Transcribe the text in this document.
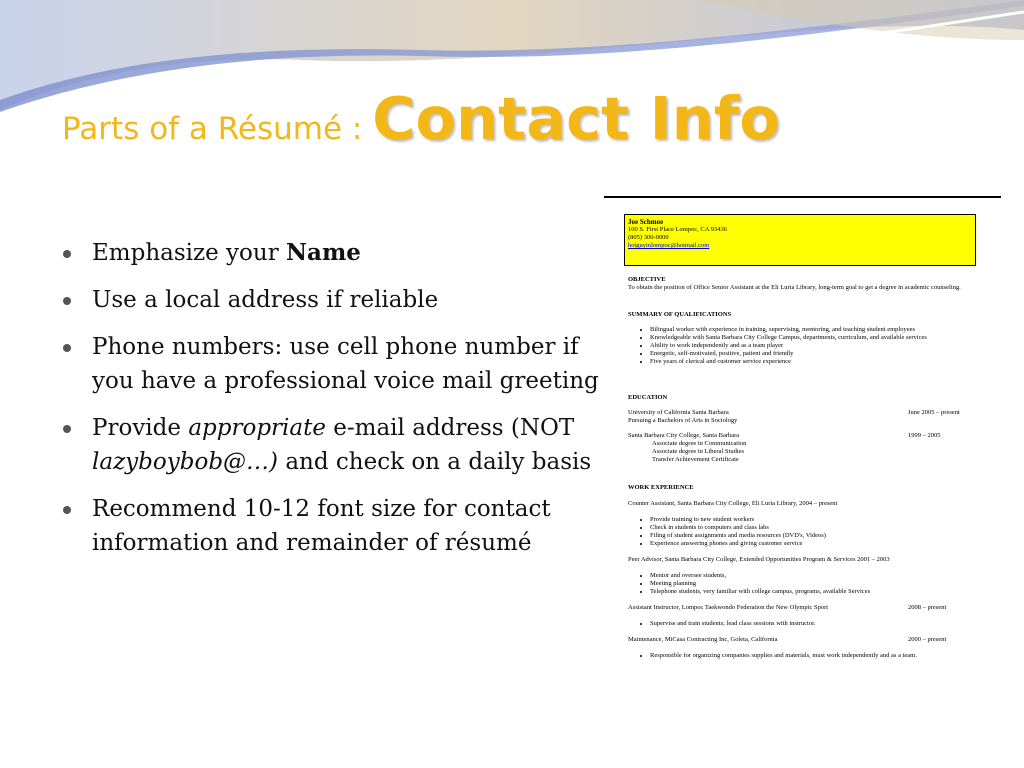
Parts of a Résumé : Contact Info
Emphasize your Name
Use a local address if reliable
Phone numbers: use cell phone number if you have a professional voice mail greeting
Provide appropriate e-mail address (NOT lazyboybob@…) and check on a daily basis
Recommend 10-12 font size for contact information and remainder of résumé
Joe Schmoe
100 S. First Place Lompoc, CA 93436
(805) 300-0000
hotguyinlompoc@hotmail.com
OBJECTIVE
To obtain the position of Office Senior Assistant at the Eli Luria Library, long-term goal to get a degree in academic counseling.
SUMMARY OF QUALIFICATIONS
• Bilingual worker with experience in training, supervising, mentoring, and teaching student employees
• Knowledgeable with Santa Barbara City College Campus, departments, curriculum, and available services
• Ability to work independently and as a team player
• Energetic, self-motivated, positive, patient and friendly
• Five years of clerical and customer service experience
EDUCATION
University of California Santa Barbara	June 2005 – present
Pursuing a Bachelors of Arts in Sociology
Santa Barbara City College, Santa Barbara	1999 – 2005
Associate degree in Communication
Associate degree in Liberal Studies
Transfer Achievement Certificate
WORK EXPERIENCE
Counter Assistant, Santa Barbara City College, Eli Luria Library, 2004 – present
• Provide training to new student workers
• Check in students to computers and class labs
• Filing of student assignments and media resources (DVD's, Videos)
• Experience answering phones and giving customer service
Peer Advisor, Santa Barbara City College, Extended Opportunities Program & Services 2001 – 2003
• Mentor and oversee students,
• Meeting planning
• Telephone students, very familiar with college campus, programs, available Services
Assistant Instructor, Lompoc Taekwondo Federation the New Olympic Sport	2008 – present
• Supervise and train students; lead class sessions with instructor.
Maintenance, MiCasa Contracting Inc, Goleta, California	2000 – present
• Responsible for organizing companies supplies and materials, must work independently and as a team.
